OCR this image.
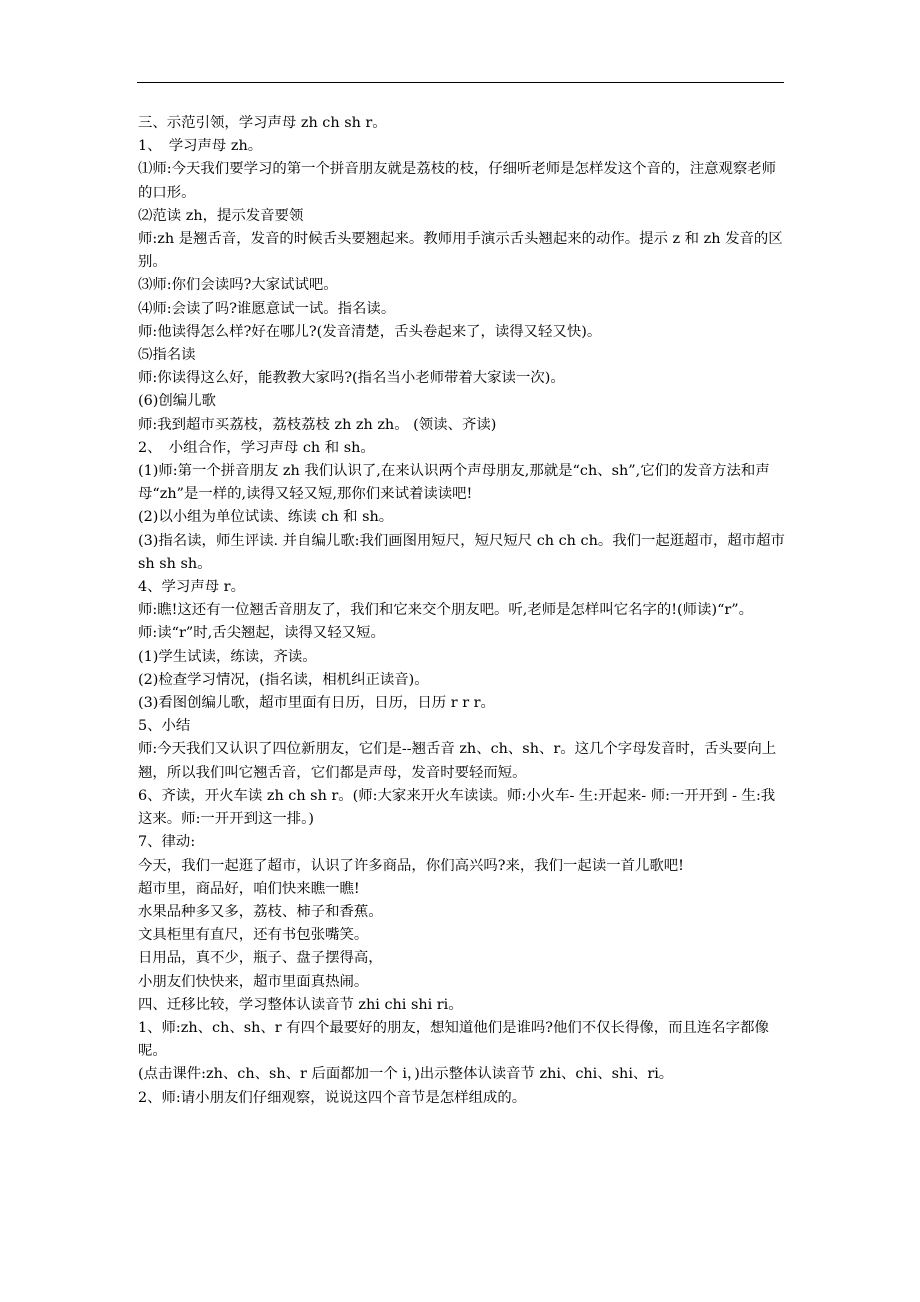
三、示范引领，学习声母 zh ch sh r。

1、　学习声母 zh。

⑴师:今天我们要学习的第一个拼音朋友就是荔枝的枝，仔细听老师是怎样发这个音的，注意观察老师的口形。

⑵范读 zh，提示发音要领

师:zh 是翘舌音，发音的时候舌头要翘起来。教师用手演示舌头翘起来的动作。提示 z 和 zh 发音的区别。

⑶师:你们会读吗?大家试试吧。

⑷师:会读了吗?谁愿意试一试。指名读。

师:他读得怎么样?好在哪儿?(发音清楚，舌头卷起来了，读得又轻又快)。

⑸指名读

师:你读得这么好，能教教大家吗?(指名当小老师带着大家读一次)。

(6)创编儿歌

师:我到超市买荔枝，荔枝荔枝 zh zh zh。 (领读、齐读)

2、　小组合作，学习声母 ch 和 sh。

(1)师:第一个拼音朋友 zh 我们认识了,在来认识两个声母朋友,那就是“ch、sh”,它们的发音方法和声母“zh”是一样的,读得又轻又短,那你们来试着读读吧!

(2)以小组为单位试读、练读 ch 和 sh。

(3)指名读，师生评读. 并自编儿歌:我们画图用短尺，短尺短尺 ch ch ch。我们一起逛超市，超市超市 sh sh sh。

4、学习声母 r。

师:瞧!这还有一位翘舌音朋友了，我们和它来交个朋友吧。听,老师是怎样叫它名字的!(师读)“r”。

师:读“r”时,舌尖翘起，读得又轻又短。

(1)学生试读，练读，齐读。

(2)检查学习情况，(指名读，相机纠正读音)。

(3)看图创编儿歌，超市里面有日历，日历，日历 r r r。

5、小结

师:今天我们又认识了四位新朋友，它们是--翘舌音 zh、ch、sh、r。这几个字母发音时，舌头要向上翘，所以我们叫它翘舌音，它们都是声母，发音时要轻而短。

6、齐读，开火车读 zh ch sh r。(师:大家来开火车读读。师:小火车- 生:开起来- 师:一开开到 - 生:我这来。师:一开开到这一排。)

7、律动:

今天，我们一起逛了超市，认识了许多商品，你们高兴吗?来，我们一起读一首儿歌吧!

超市里，商品好，咱们快来瞧一瞧!

水果品种多又多，荔枝、柿子和香蕉。

文具柜里有直尺，还有书包张嘴笑。

日用品，真不少，瓶子、盘子摆得高，

小朋友们快快来，超市里面真热闹。

四、迁移比较，学习整体认读音节 zhi chi shi ri。

1、师:zh、ch、sh、r 有四个最要好的朋友，想知道他们是谁吗?他们不仅长得像，而且连名字都像呢。

(点击课件:zh、ch、sh、r 后面都加一个 i，)出示整体认读音节 zhi、chi、shi、ri。

2、师:请小朋友们仔细观察，说说这四个音节是怎样组成的。
